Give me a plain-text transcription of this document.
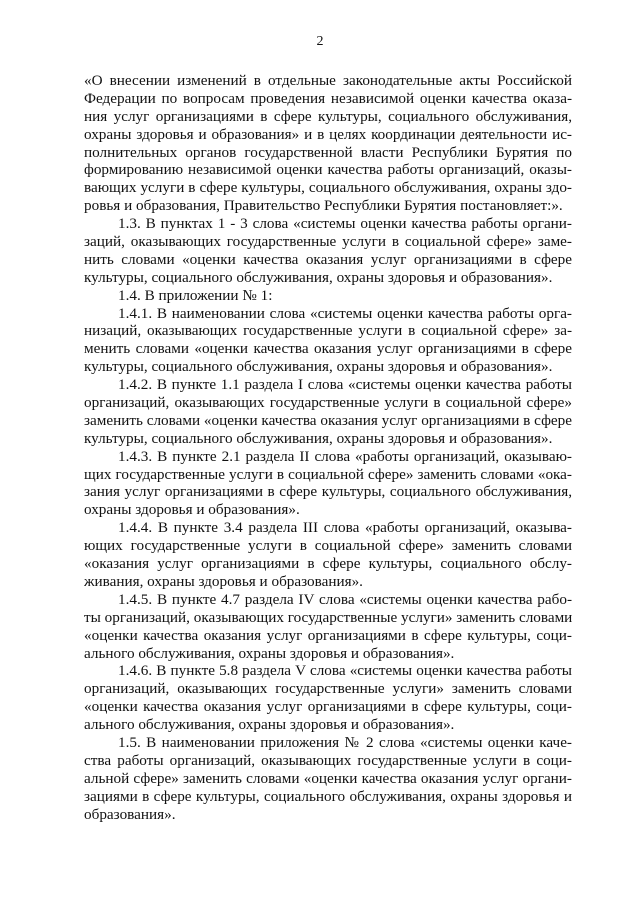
2
«О внесении изменений в отдельные законодательные акты Российской
Федерации по вопросам проведения независимой оценки качества оказа-
ния услуг организациями в сфере культуры, социального обслуживания,
охраны здоровья и образования» и в целях координации деятельности ис-
полнительных органов государственной власти Республики Бурятия по
формированию независимой оценки качества работы организаций, оказы-
вающих услуги в сфере культуры, социального обслуживания, охраны здо-
ровья и образования, Правительство Республики Бурятия постановляет:».
1.3. В пунктах 1 - 3 слова «системы оценки качества работы органи-
заций, оказывающих государственные услуги в социальной сфере» заме-
нить словами «оценки качества оказания услуг организациями в сфере
культуры, социального обслуживания, охраны здоровья и образования».
1.4. В приложении № 1:
1.4.1. В наименовании слова «системы оценки качества работы орга-
низаций, оказывающих государственные услуги в социальной сфере» за-
менить словами «оценки качества оказания услуг организациями в сфере
культуры, социального обслуживания, охраны здоровья и образования».
1.4.2. В пункте 1.1 раздела I слова «системы оценки качества работы
организаций, оказывающих государственные услуги в социальной сфере»
заменить словами «оценки качества оказания услуг организациями в сфере
культуры, социального обслуживания, охраны здоровья и образования».
1.4.3. В пункте 2.1 раздела II слова «работы организаций, оказываю-
щих государственные услуги в социальной сфере» заменить словами «ока-
зания услуг организациями в сфере культуры, социального обслуживания,
охраны здоровья и образования».
1.4.4. В пункте 3.4 раздела III слова «работы организаций, оказыва-
ющих государственные услуги в социальной сфере» заменить словами
«оказания услуг организациями в сфере культуры, социального обслу-
живания, охраны здоровья и образования».
1.4.5. В пункте 4.7 раздела IV слова «системы оценки качества рабо-
ты организаций, оказывающих государственные услуги» заменить словами
«оценки качества оказания услуг организациями в сфере культуры, соци-
ального обслуживания, охраны здоровья и образования».
1.4.6. В пункте 5.8 раздела V слова «системы оценки качества работы
организаций, оказывающих государственные услуги» заменить словами
«оценки качества оказания услуг организациями в сфере культуры, соци-
ального обслуживания, охраны здоровья и образования».
1.5. В наименовании приложения № 2 слова «системы оценки каче-
ства работы организаций, оказывающих государственные услуги в соци-
альной сфере» заменить словами «оценки качества оказания услуг органи-
зациями в сфере культуры, социального обслуживания, охраны здоровья и
образования».
